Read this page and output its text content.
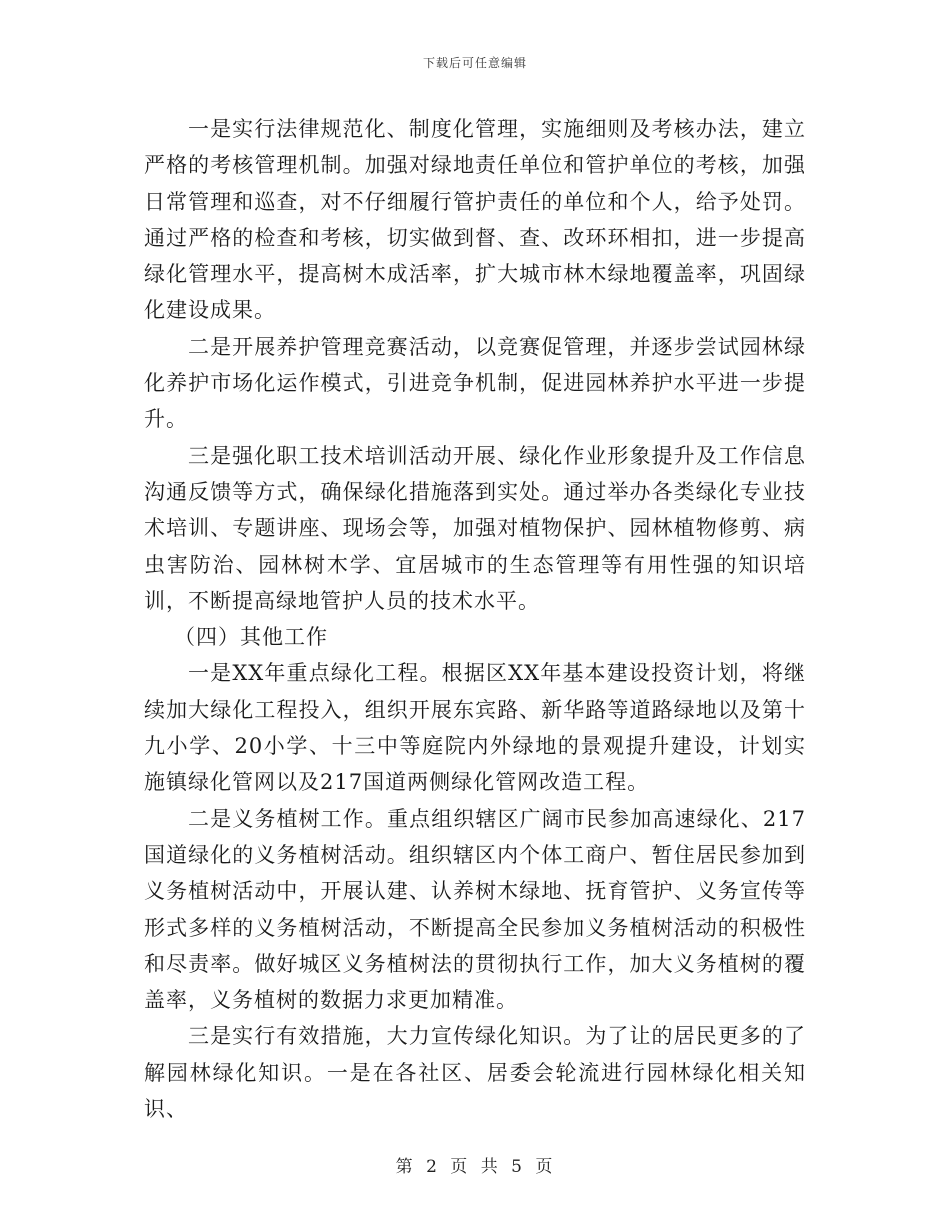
下载后可任意编辑

一是实行法律规范化、制度化管理，实施细则及考核办法，建立严格的考核管理机制。加强对绿地责任单位和管护单位的考核，加强日常管理和巡查，对不仔细履行管护责任的单位和个人，给予处罚。通过严格的检查和考核，切实做到督、查、改环环相扣，进一步提高绿化管理水平，提高树木成活率，扩大城市林木绿地覆盖率，巩固绿化建设成果。

二是开展养护管理竞赛活动，以竞赛促管理，并逐步尝试园林绿化养护市场化运作模式，引进竞争机制，促进园林养护水平进一步提升。

三是强化职工技术培训活动开展、绿化作业形象提升及工作信息沟通反馈等方式，确保绿化措施落到实处。通过举办各类绿化专业技术培训、专题讲座、现场会等，加强对植物保护、园林植物修剪、病虫害防治、园林树木学、宜居城市的生态管理等有用性强的知识培训，不断提高绿地管护人员的技术水平。

（四）其他工作

一是XX年重点绿化工程。根据区XX年基本建设投资计划，将继续加大绿化工程投入，组织开展东宾路、新华路等道路绿地以及第十九小学、20小学、十三中等庭院内外绿地的景观提升建设，计划实施镇绿化管网以及217国道两侧绿化管网改造工程。

二是义务植树工作。重点组织辖区广阔市民参加高速绿化、217国道绿化的义务植树活动。组织辖区内个体工商户、暂住居民参加到义务植树活动中，开展认建、认养树木绿地、抚育管护、义务宣传等形式多样的义务植树活动，不断提高全民参加义务植树活动的积极性和尽责率。做好城区义务植树法的贯彻执行工作，加大义务植树的覆盖率，义务植树的数据力求更加精准。

三是实行有效措施，大力宣传绿化知识。为了让的居民更多的了解园林绿化知识。一是在各社区、居委会轮流进行园林绿化相关知识、

第 2 页 共 5 页
